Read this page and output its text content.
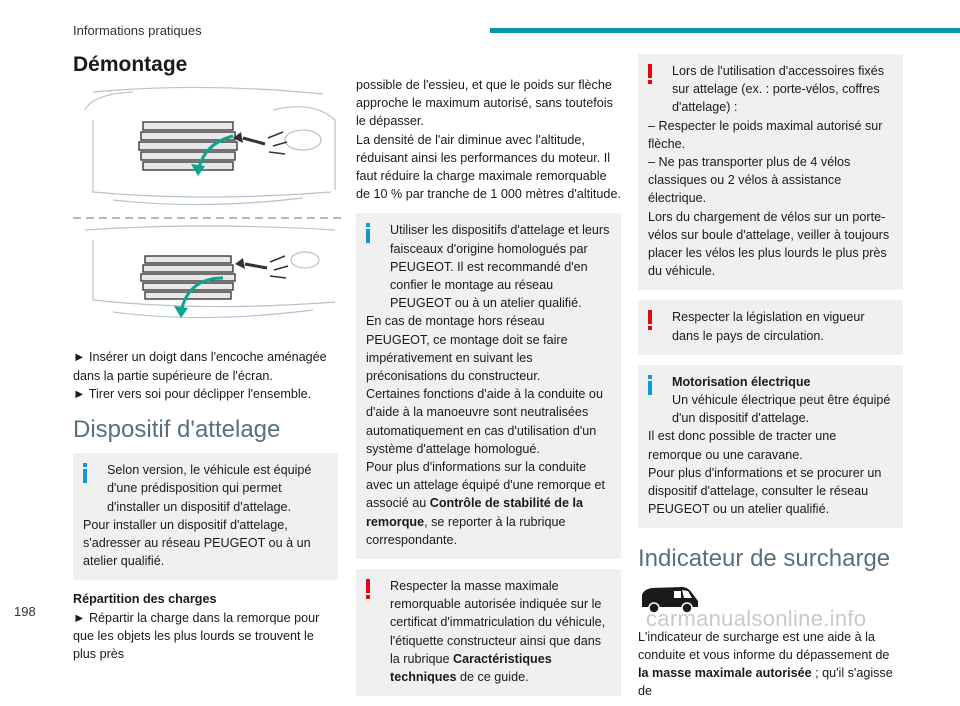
Informations pratiques
Démontage

► Insérer un doigt dans l'encoche aménagée dans la partie supérieure de l'écran.

► Tirer vers soi pour déclipper l'ensemble.

Dispositif d'attelage

Selon version, le véhicule est équipé d'une prédisposition qui permet d'installer un dispositif d'attelage.

Pour installer un dispositif d'attelage, s'adresser au réseau PEUGEOT ou à un atelier qualifié.

Répartition des charges

► Répartir la charge dans la remorque pour que les objets les plus lourds se trouvent le plus près

possible de l'essieu, et que le poids sur flèche approche le maximum autorisé, sans toutefois le dépasser.

La densité de l'air diminue avec l'altitude, réduisant ainsi les performances du moteur. Il faut réduire la charge maximale remorquable de 10 % par tranche de 1 000 mètres d'altitude.

Utiliser les dispositifs d'attelage et leurs faisceaux d'origine homologués par PEUGEOT. Il est recommandé d'en confier le montage au réseau PEUGEOT ou à un atelier qualifié.

En cas de montage hors réseau PEUGEOT, ce montage doit se faire impérativement en suivant les préconisations du constructeur.

Certaines fonctions d'aide à la conduite ou d'aide à la manoeuvre sont neutralisées automatiquement en cas d'utilisation d'un système d'attelage homologué.

Pour plus d'informations sur la conduite avec un attelage équipé d'une remorque et associé au Contrôle de stabilité de la remorque, se reporter à la rubrique correspondante.

Respecter la masse maximale remorquable autorisée indiquée sur le certificat d'immatriculation du véhicule, l'étiquette constructeur ainsi que dans la rubrique Caractéristiques techniques de ce guide.

Lors de l'utilisation d'accessoires fixés sur attelage (ex. : porte-vélos, coffres d'attelage) :

– Respecter le poids maximal autorisé sur flèche.

– Ne pas transporter plus de 4 vélos classiques ou 2 vélos à assistance électrique.

Lors du chargement de vélos sur un porte-vélos sur boule d'attelage, veiller à toujours placer les vélos les plus lourds le plus près du véhicule.

Respecter la législation en vigueur dans le pays de circulation.

Motorisation électrique

Un véhicule électrique peut être équipé d'un dispositif d'attelage.

Il est donc possible de tracter une remorque ou une caravane.

Pour plus d'informations et se procurer un dispositif d'attelage, consulter le réseau PEUGEOT ou un atelier qualifié.

Indicateur de surcharge

L'indicateur de surcharge est une aide à la conduite et vous informe du dépassement de la masse maximale autorisée ; qu'il s'agisse de

198	carmanualsonline.info
